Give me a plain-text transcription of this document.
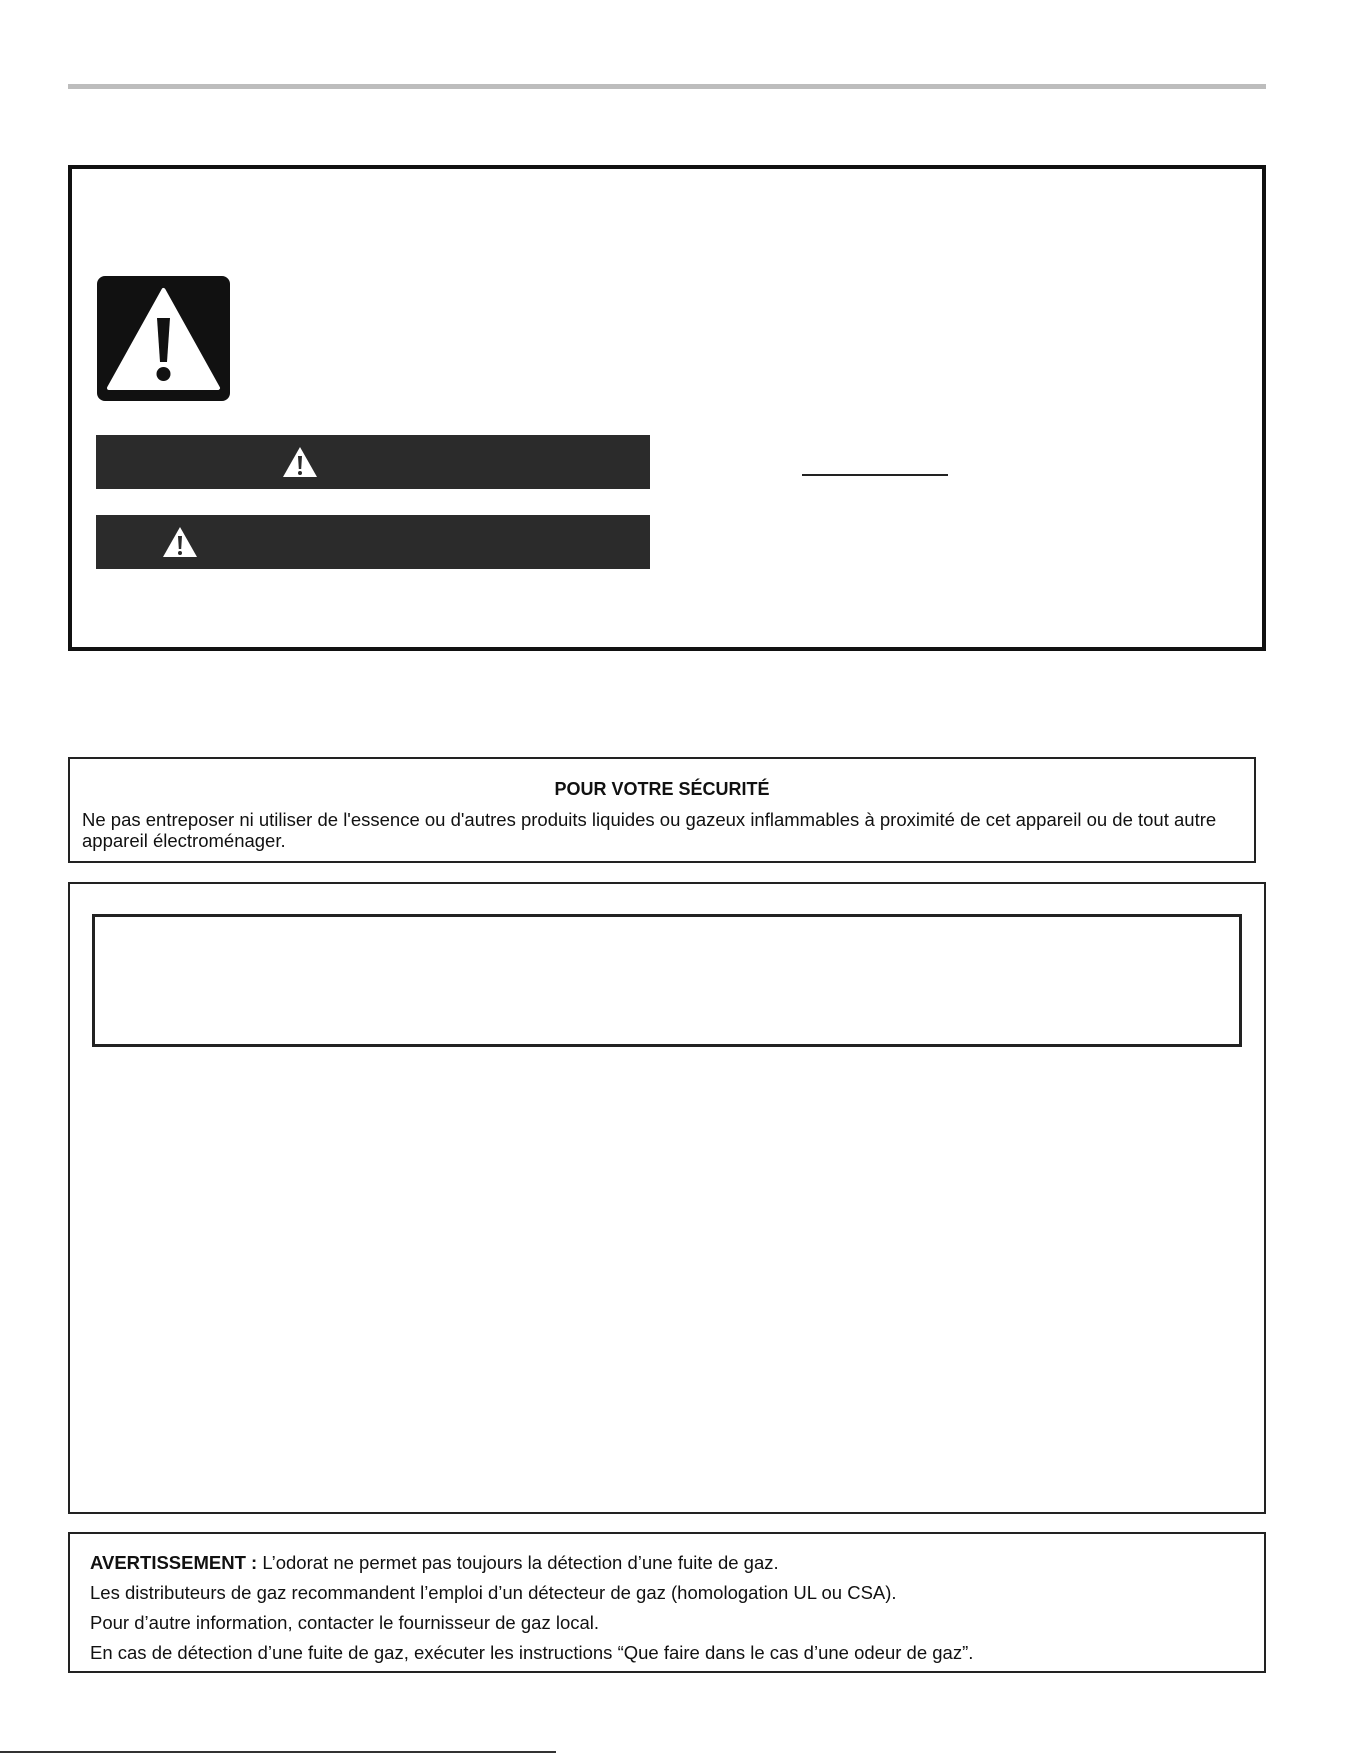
POUR VOTRE SÉCURITÉ
Ne pas entreposer ni utiliser de l'essence ou d'autres produits liquides ou gazeux inflammables à proximité de cet appareil ou de tout autre appareil électroménager.
AVERTISSEMENT : L’odorat ne permet pas toujours la détection d’une fuite de gaz.
Les distributeurs de gaz recommandent l’emploi d’un détecteur de gaz (homologation UL ou CSA).
Pour d’autre information, contacter le fournisseur de gaz local.
En cas de détection d’une fuite de gaz, exécuter les instructions “Que faire dans le cas d’une odeur de gaz”.
